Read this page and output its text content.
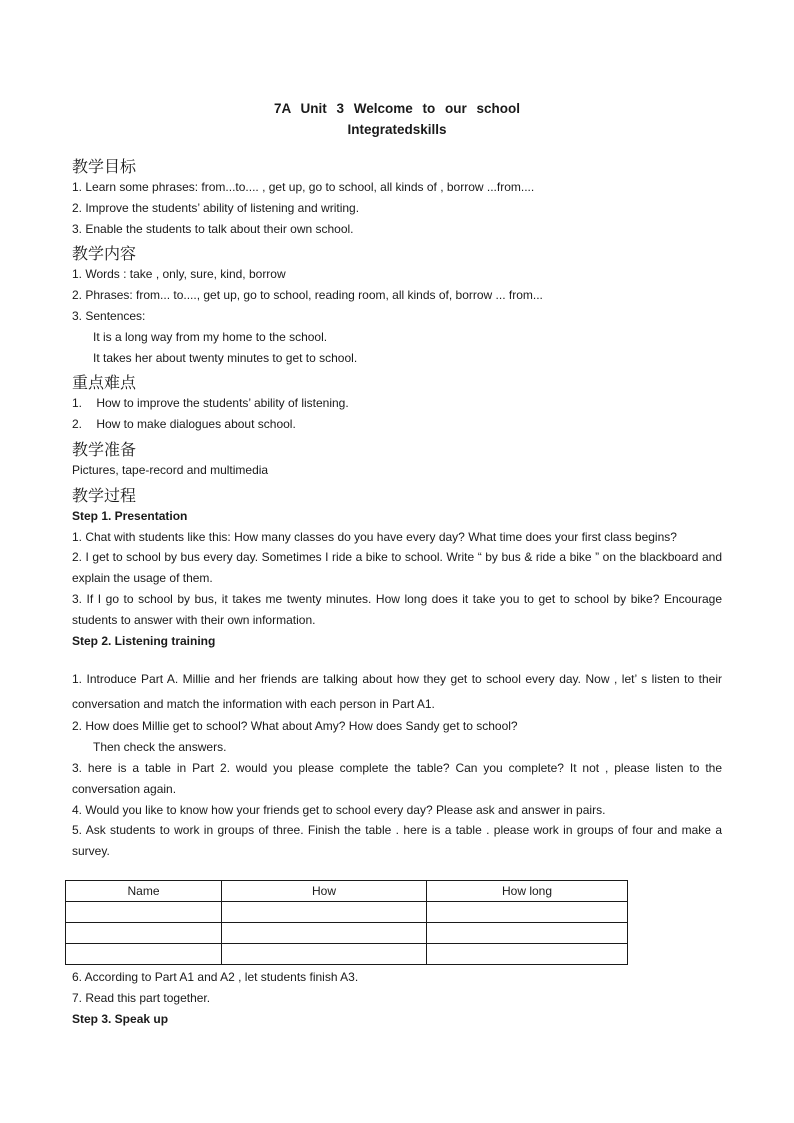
7A Unit 3 Welcome to our school
Integratedskills
教学目标
1. Learn some phrases: from...to.... , get up, go to school, all kinds of , borrow ...from....
2. Improve the students’ ability of listening and writing.
3. Enable the students to talk about their own school.
教学内容
1. Words : take , only, sure, kind, borrow
2. Phrases: from... to...., get up, go to school, reading room, all kinds of, borrow ... from...
3. Sentences:
It is a long way from my home to the school.
It takes her about twenty minutes to get to school.
重点难点
1. How to improve the students’ ability of listening.
2. How to make dialogues about school.
教学准备
Pictures, tape-record and multimedia
教学过程
Step 1. Presentation
1. Chat with students like this: How many classes do you have every day? What time does your first class begins?
2. I get to school by bus every day. Sometimes I ride a bike to school. Write “ by bus & ride a bike ” on the blackboard and explain the usage of them.
3. If I go to school by bus, it takes me twenty minutes. How long does it take you to get to school by bike? Encourage students to answer with their own information.
Step 2. Listening training
1. Introduce Part A. Millie and her friends are talking about how they get to school every day. Now , let’ s listen to their conversation and match the information with each person in Part A1.
2. How does Millie get to school? What about Amy? How does Sandy get to school?
Then check the answers.
3. here is a table in Part 2. would you please complete the table? Can you complete? It not , please listen to the conversation again.
4. Would you like to know how your friends get to school every day? Please ask and answer in pairs.
5. Ask students to work in groups of three. Finish the table . here is a table . please work in groups of four and make a survey.
Name	How	How long

6. According to Part A1 and A2 , let students finish A3.
7. Read this part together.
Step 3. Speak up
